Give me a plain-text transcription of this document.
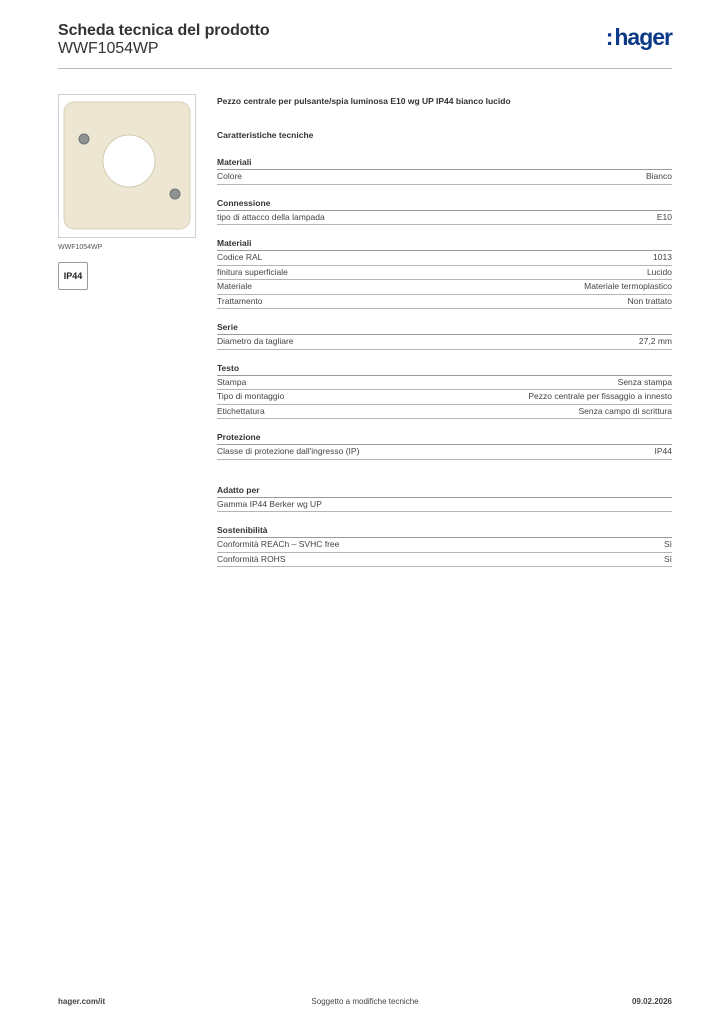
Scheda tecnica del prodotto
WWF1054WP	:hager
WWF1054WP
IP44
Pezzo centrale per pulsante/spia luminosa E10 wg UP IP44 bianco lucido
Caratteristiche tecniche
Materiali
Colore	Bianco
Connessione
tipo di attacco della lampada	E10
Materiali
Codice RAL	1013
finitura superficiale	Lucido
Materiale	Materiale termoplastico
Trattamento	Non trattato
Serie
Diametro da tagliare	27,2 mm
Testo
Stampa	Senza stampa
Tipo di montaggio	Pezzo centrale per fissaggio a innesto
Etichettatura	Senza campo di scrittura
Protezione
Classe di protezione dall'ingresso (IP)	IP44
Adatto per
Gamma IP44 Berker wg UP
Sostenibilità
Conformità REACh – SVHC free	Sì
Conformità ROHS	Sì
hager.com/it	Soggetto a modifiche tecniche	09.02.2026
